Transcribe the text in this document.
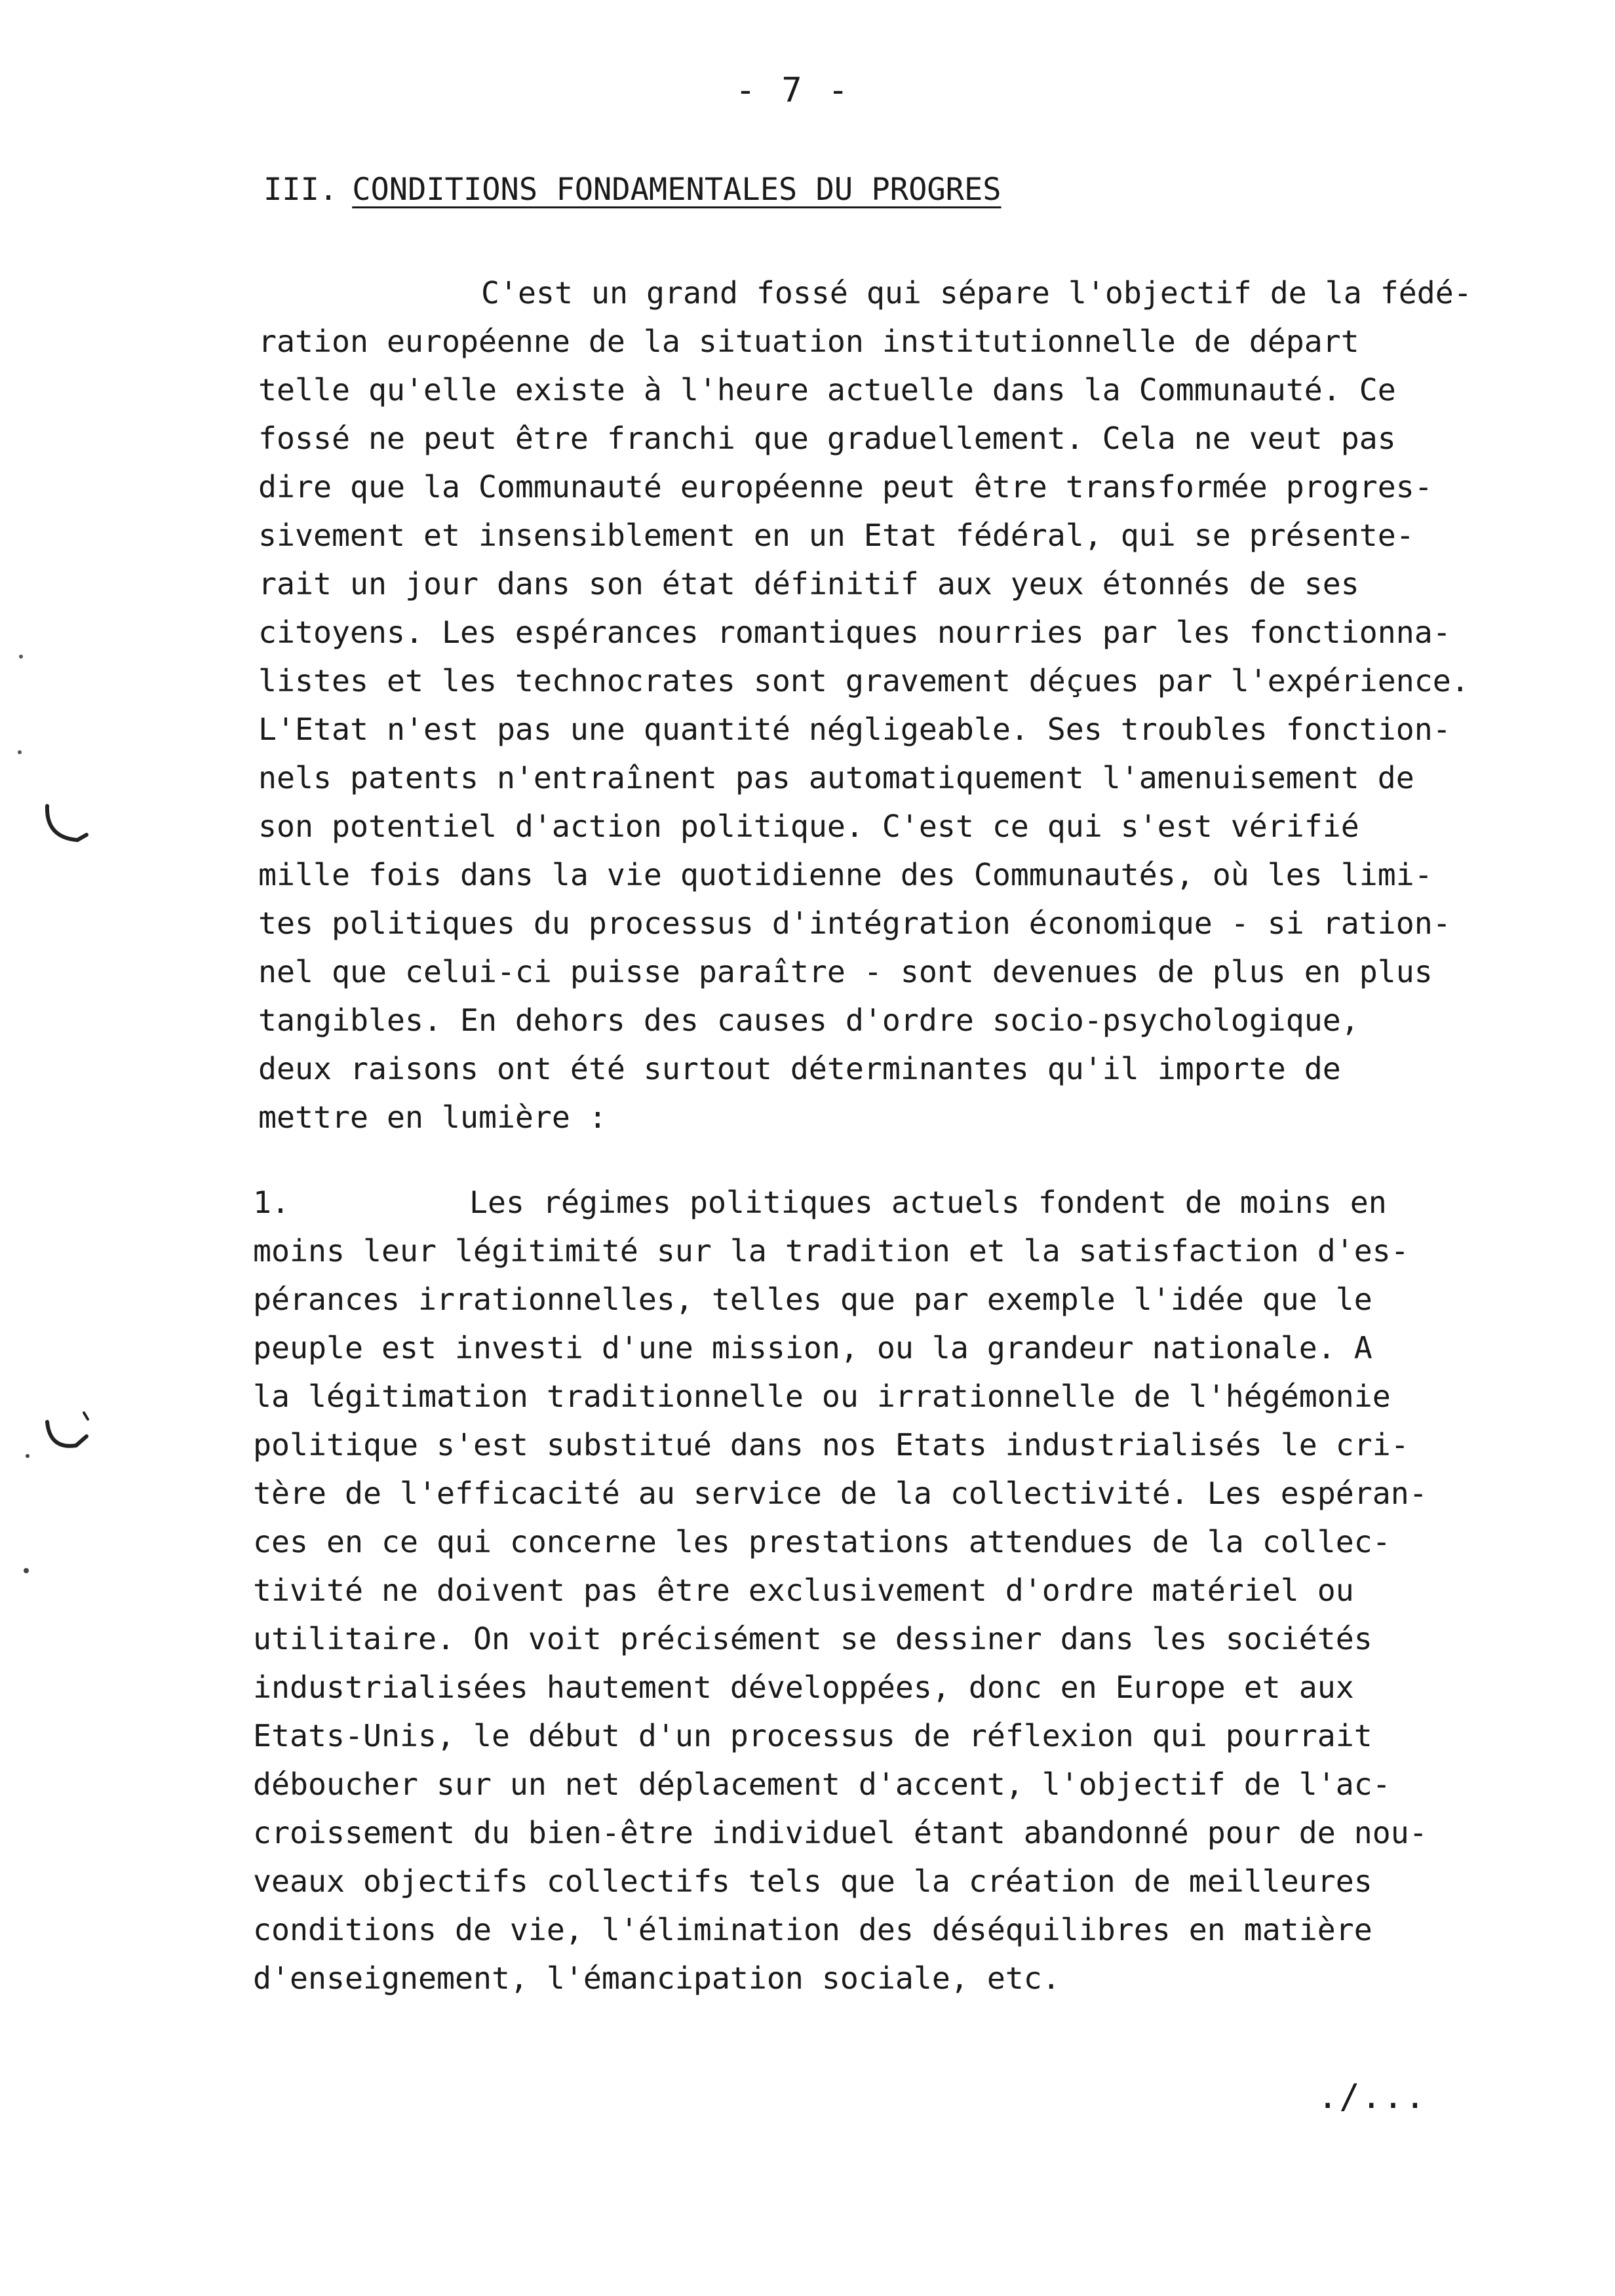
- 7 -
III. CONDITIONS FONDAMENTALES DU PROGRES
C'est un grand fossé qui sépare l'objectif de la fédé-
ration européenne de la situation institutionnelle de départ
telle qu'elle existe à l'heure actuelle dans la Communauté. Ce
fossé ne peut être franchi que graduellement. Cela ne veut pas
dire que la Communauté européenne peut être transformée progres-
sivement et insensiblement en un Etat fédéral, qui se présente-
rait un jour dans son état définitif aux yeux étonnés de ses
citoyens. Les espérances romantiques nourries par les fonctionna-
listes et les technocrates sont gravement déçues par l'expérience.
L'Etat n'est pas une quantité négligeable. Ses troubles fonction-
nels patents n'entraînent pas automatiquement l'amenuisement de
son potentiel d'action politique. C'est ce qui s'est vérifié
mille fois dans la vie quotidienne des Communautés, où les limi-
tes politiques du processus d'intégration économique - si ration-
nel que celui-ci puisse paraître - sont devenues de plus en plus
tangibles. En dehors des causes d'ordre socio-psychologique,
deux raisons ont été surtout déterminantes qu'il importe de
mettre en lumière :
1.	Les régimes politiques actuels fondent de moins en
moins leur légitimité sur la tradition et la satisfaction d'es-
pérances irrationnelles, telles que par exemple l'idée que le
peuple est investi d'une mission, ou la grandeur nationale. A
la légitimation traditionnelle ou irrationnelle de l'hégémonie
politique s'est substitué dans nos Etats industrialisés le cri-
tère de l'efficacité au service de la collectivité. Les espéran-
ces en ce qui concerne les prestations attendues de la collec-
tivité ne doivent pas être exclusivement d'ordre matériel ou
utilitaire. On voit précisément se dessiner dans les sociétés
industrialisées hautement développées, donc en Europe et aux
Etats-Unis, le début d'un processus de réflexion qui pourrait
déboucher sur un net déplacement d'accent, l'objectif de l'ac-
croissement du bien-être individuel étant abandonné pour de nou-
veaux objectifs collectifs tels que la création de meilleures
conditions de vie, l'élimination des déséquilibres en matière
d'enseignement, l'émancipation sociale, etc.
./...
